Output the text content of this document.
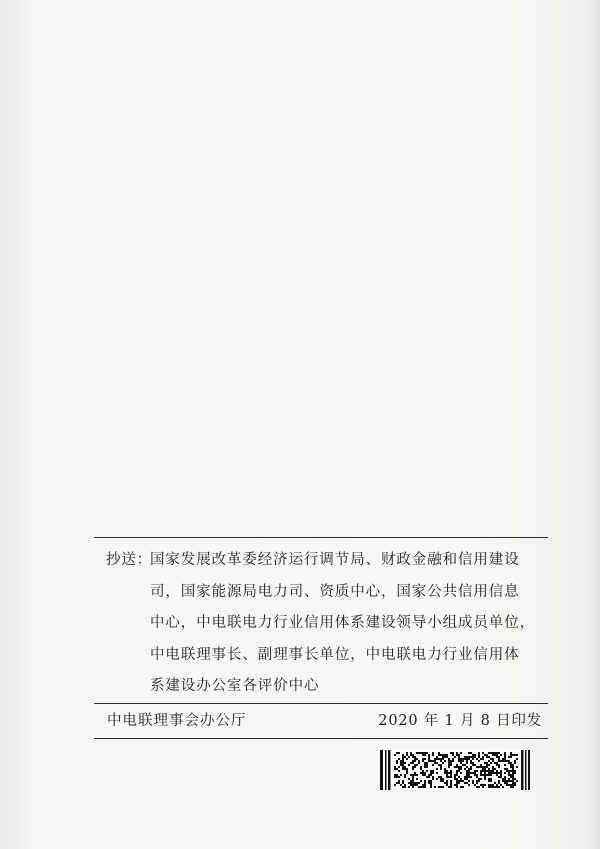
抄送：
国家发展改革委经济运行调节局、财政金融和信用建设
司，国家能源局电力司、资质中心，国家公共信用信息
中心，中电联电力行业信用体系建设领导小组成员单位，
中电联理事长、副理事长单位，中电联电力行业信用体
系建设办公室各评价中心
中电联理事会办公厅	2020 年 1 月 8 日印发
